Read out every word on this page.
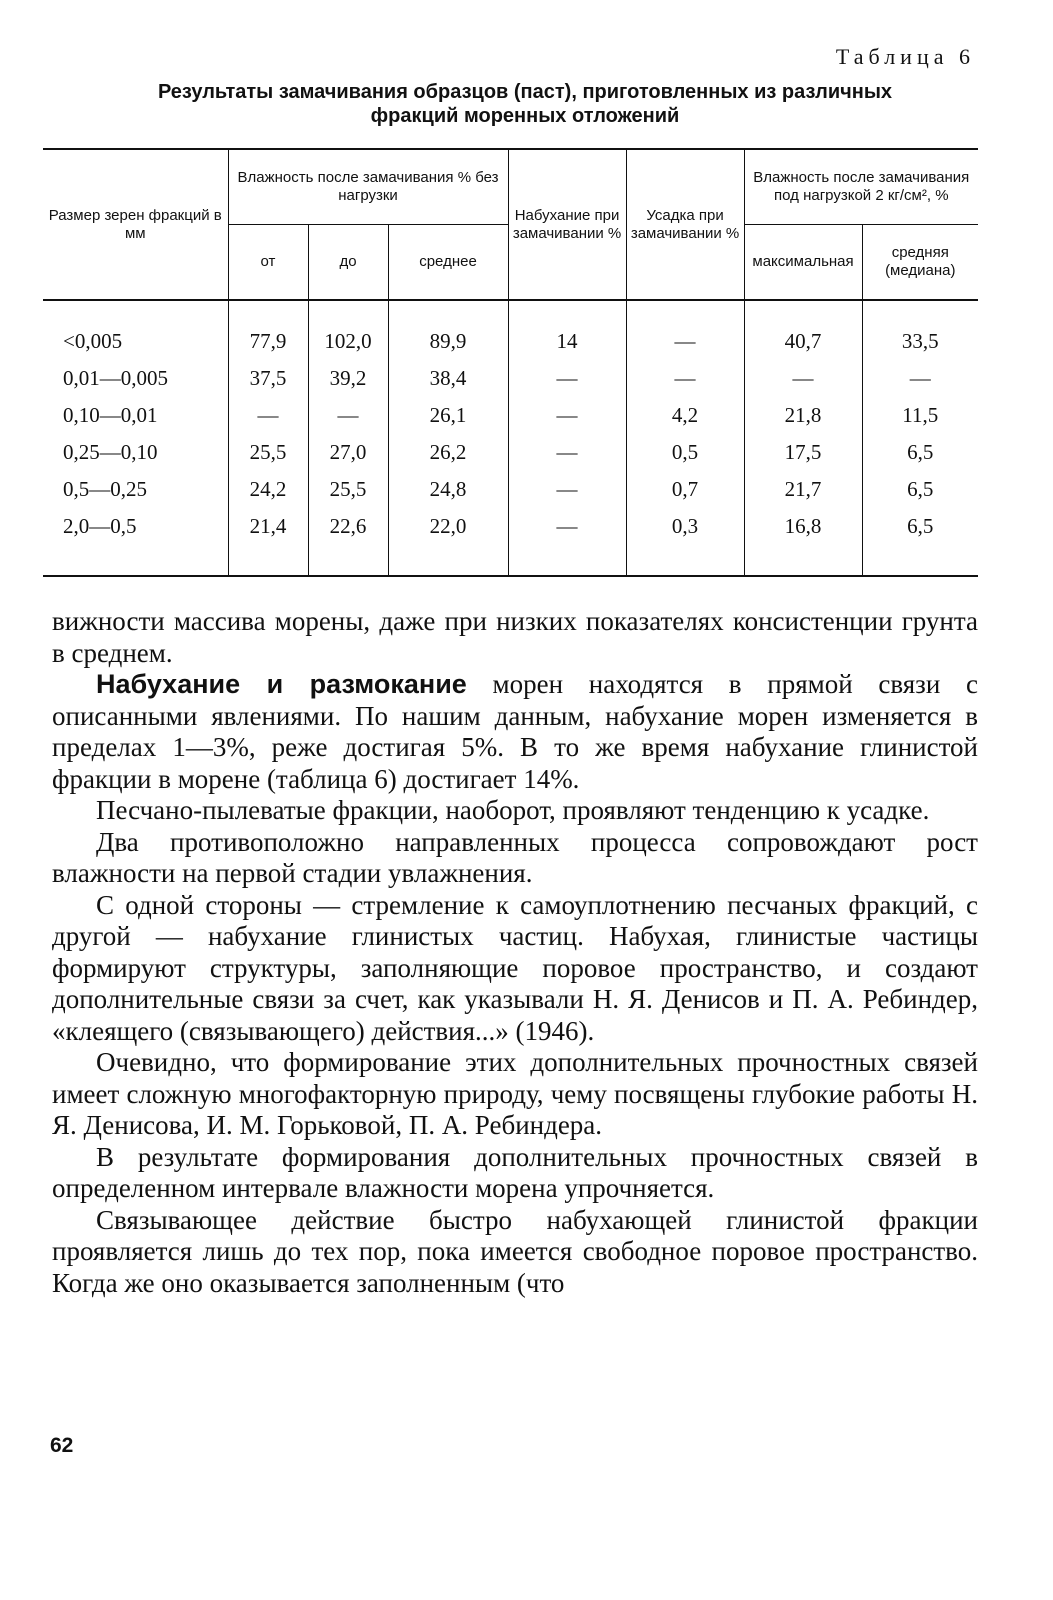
Таблица 6
Результаты замачивания образцов (паст), приготовленных из различных
фракций моренных отложений
Размер зерен фракций в мм	Влажность после замачивания % без нагрузки			Набухание при замачивании %	Усадка при замачивании %	Влажность после замачивания под нагрузкой 2 кг/см², %	
	от	до	среднее			максимальная	средняя (медиана)
<0,005	77,9	102,0	89,9	14	—	40,7	33,5
0,01—0,005	37,5	39,2	38,4	—	—	—	—
0,10—0,01	—	—	26,1	—	4,2	21,8	11,5
0,25—0,10	25,5	27,0	26,2	—	0,5	17,5	6,5
0,5—0,25	24,2	25,5	24,8	—	0,7	21,7	6,5
2,0—0,5	21,4	22,6	22,0	—	0,3	16,8	6,5

вижности массива морены, даже при низких показателях консистенции грунта в среднем.

Набухание и размокание морен находятся в прямой связи с описанными явлениями. По нашим данным, набухание морен изменяется в пределах 1—3%, реже достигая 5%. В то же время набухание глинистой фракции в морене (таблица 6) достигает 14%.

Песчано-пылеватые фракции, наоборот, проявляют тенденцию к усадке.

Два противоположно направленных процесса сопровождают рост влажности на первой стадии увлажнения.

С одной стороны — стремление к самоуплотнению песчаных фракций, с другой — набухание глинистых частиц. Набухая, глинистые частицы формируют структуры, заполняющие поровое пространство, и создают дополнительные связи за счет, как указывали Н. Я. Денисов и П. А. Ребиндер, «клеящего (связывающего) действия...» (1946).

Очевидно, что формирование этих дополнительных прочностных связей имеет сложную многофакторную природу, чему посвящены глубокие работы Н. Я. Денисова, И. М. Горьковой, П. А. Ребиндера.

В результате формирования дополнительных прочностных связей в определенном интервале влажности морена упрочняется.

Связывающее действие быстро набухающей глинистой фракции проявляется лишь до тех пор, пока имеется свободное поровое пространство. Когда же оно оказывается заполненным (что

62
